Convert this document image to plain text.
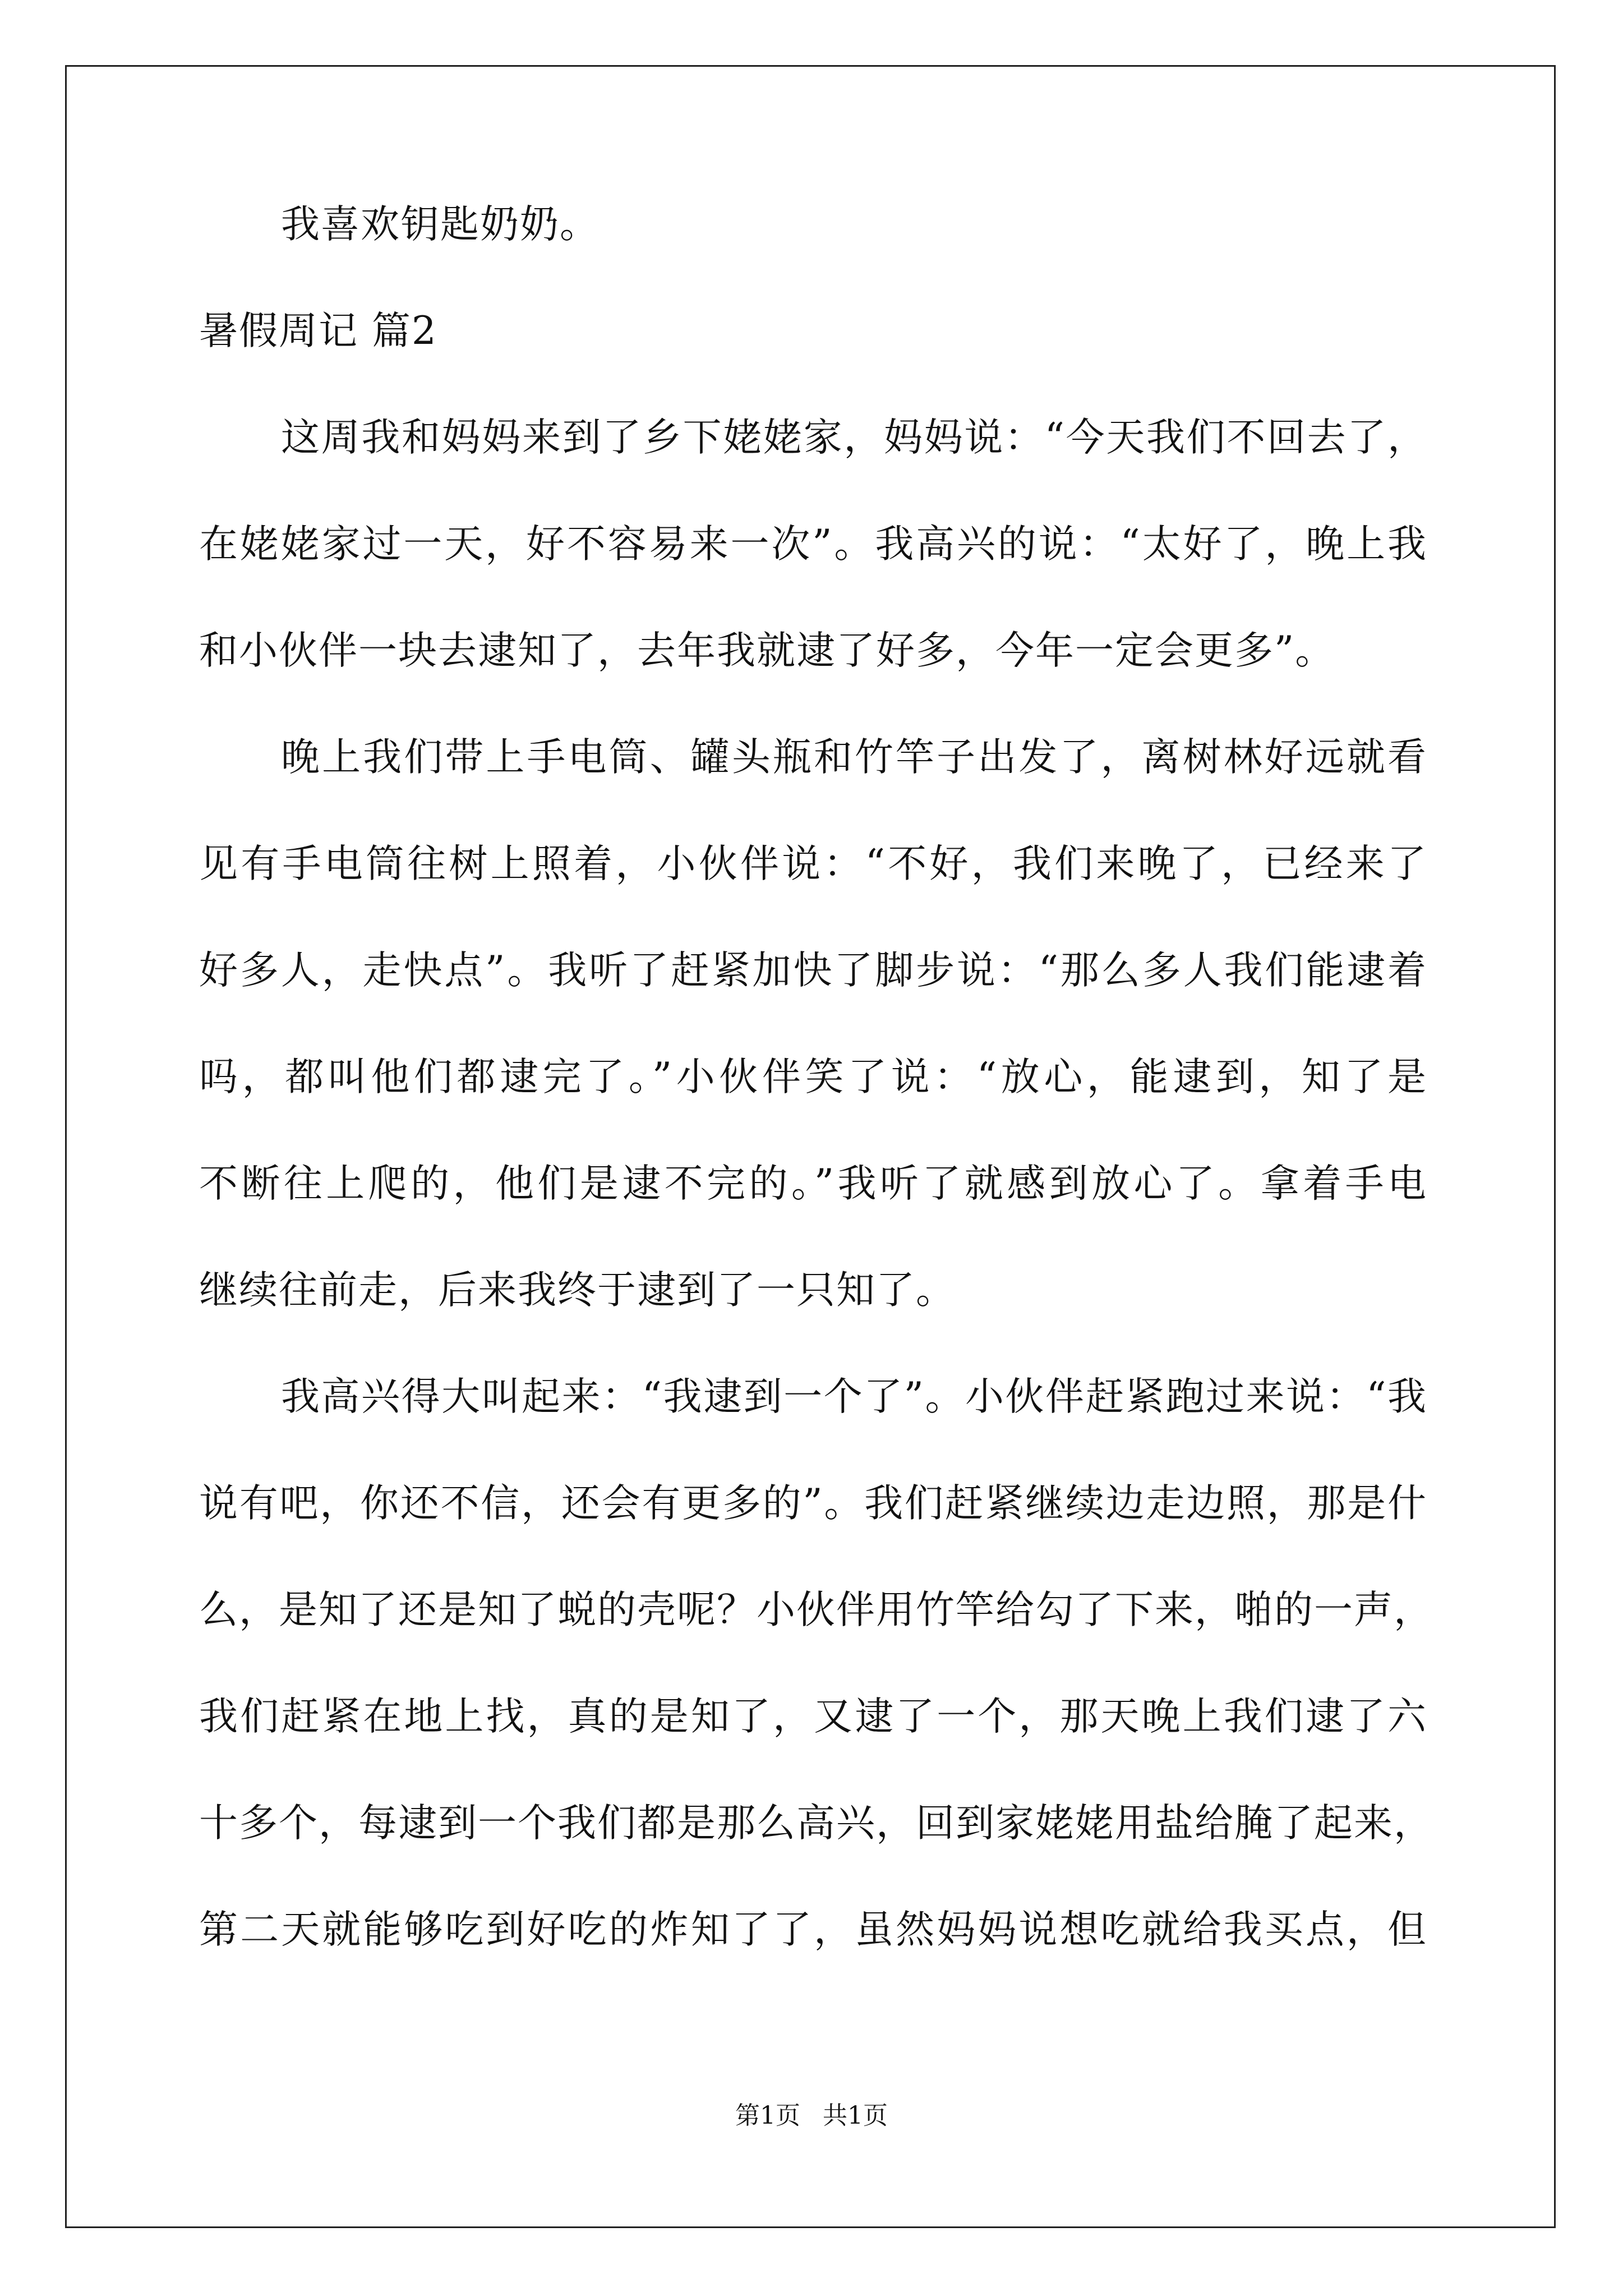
我喜欢钥匙奶奶。
暑假周记 篇2
这周我和妈妈来到了乡下姥姥家，妈妈说：“今天我们不回去了，
在姥姥家过一天，好不容易来一次”。我高兴的说：“太好了，晚上我
和小伙伴一块去逮知了，去年我就逮了好多，今年一定会更多”。
晚上我们带上手电筒、罐头瓶和竹竿子出发了，离树林好远就看
见有手电筒往树上照着，小伙伴说：“不好，我们来晚了，已经来了
好多人，走快点”。我听了赶紧加快了脚步说：“那么多人我们能逮着
吗，都叫他们都逮完了。”小伙伴笑了说：“放心，能逮到，知了是
不断往上爬的，他们是逮不完的。”我听了就感到放心了。拿着手电
继续往前走，后来我终于逮到了一只知了。
我高兴得大叫起来：“我逮到一个了”。小伙伴赶紧跑过来说：“我
说有吧，你还不信，还会有更多的”。我们赶紧继续边走边照，那是什
么，是知了还是知了蜕的壳呢？小伙伴用竹竿给勾了下来，啪的一声，
我们赶紧在地上找，真的是知了，又逮了一个，那天晚上我们逮了六
十多个，每逮到一个我们都是那么高兴，回到家姥姥用盐给腌了起来，
第二天就能够吃到好吃的炸知了了，虽然妈妈说想吃就给我买点，但
第1页 共1页
